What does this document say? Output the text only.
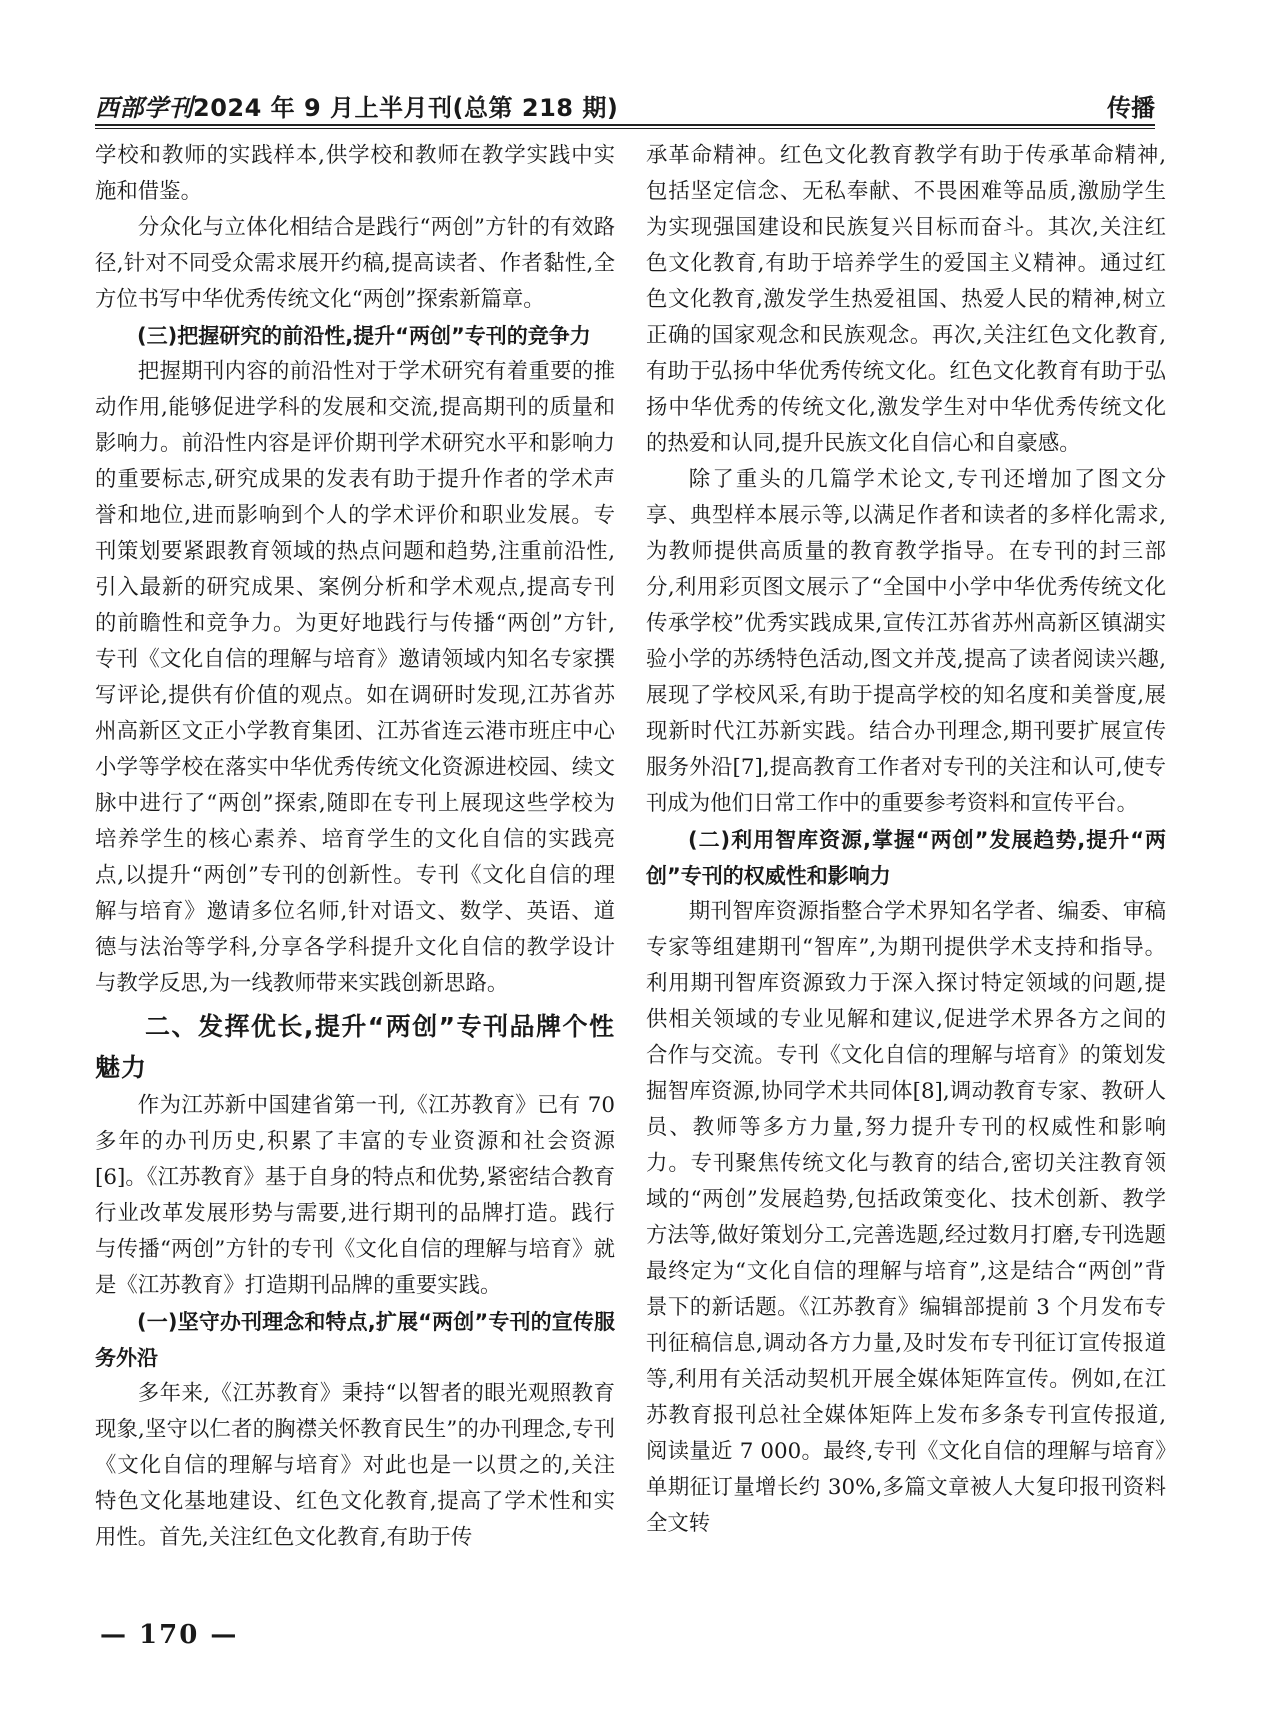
西部学刊2024 年 9 月上半月刊(总第 218 期)	传播

学校和教师的实践样本,供学校和教师在教学实践中实施和借鉴。

分众化与立体化相结合是践行“两创”方针的有效路径,针对不同受众需求展开约稿,提高读者、作者黏性,全方位书写中华优秀传统文化“两创”探索新篇章。

(三)把握研究的前沿性,提升“两创”专刊的竞争力

把握期刊内容的前沿性对于学术研究有着重要的推动作用,能够促进学科的发展和交流,提高期刊的质量和影响力。前沿性内容是评价期刊学术研究水平和影响力的重要标志,研究成果的发表有助于提升作者的学术声誉和地位,进而影响到个人的学术评价和职业发展。专刊策划要紧跟教育领域的热点问题和趋势,注重前沿性,引入最新的研究成果、案例分析和学术观点,提高专刊的前瞻性和竞争力。为更好地践行与传播“两创”方针,专刊《文化自信的理解与培育》邀请领域内知名专家撰写评论,提供有价值的观点。如在调研时发现,江苏省苏州高新区文正小学教育集团、江苏省连云港市班庄中心小学等学校在落实中华优秀传统文化资源进校园、续文脉中进行了“两创”探索,随即在专刊上展现这些学校为培养学生的核心素养、培育学生的文化自信的实践亮点,以提升“两创”专刊的创新性。专刊《文化自信的理解与培育》邀请多位名师,针对语文、数学、英语、道德与法治等学科,分享各学科提升文化自信的教学设计与教学反思,为一线教师带来实践创新思路。

二、发挥优长,提升“两创”专刊品牌个性魅力

作为江苏新中国建省第一刊,《江苏教育》已有 70 多年的办刊历史,积累了丰富的专业资源和社会资源[6]。《江苏教育》基于自身的特点和优势,紧密结合教育行业改革发展形势与需要,进行期刊的品牌打造。践行与传播“两创”方针的专刊《文化自信的理解与培育》就是《江苏教育》打造期刊品牌的重要实践。

(一)坚守办刊理念和特点,扩展“两创”专刊的宣传服务外沿

多年来,《江苏教育》秉持“以智者的眼光观照教育现象,坚守以仁者的胸襟关怀教育民生”的办刊理念,专刊《文化自信的理解与培育》对此也是一以贯之的,关注特色文化基地建设、红色文化教育,提高了学术性和实用性。首先,关注红色文化教育,有助于传

承革命精神。红色文化教育教学有助于传承革命精神,包括坚定信念、无私奉献、不畏困难等品质,激励学生为实现强国建设和民族复兴目标而奋斗。其次,关注红色文化教育,有助于培养学生的爱国主义精神。通过红色文化教育,激发学生热爱祖国、热爱人民的精神,树立正确的国家观念和民族观念。再次,关注红色文化教育,有助于弘扬中华优秀传统文化。红色文化教育有助于弘扬中华优秀的传统文化,激发学生对中华优秀传统文化的热爱和认同,提升民族文化自信心和自豪感。

除了重头的几篇学术论文,专刊还增加了图文分享、典型样本展示等,以满足作者和读者的多样化需求,为教师提供高质量的教育教学指导。在专刊的封三部分,利用彩页图文展示了“全国中小学中华优秀传统文化传承学校”优秀实践成果,宣传江苏省苏州高新区镇湖实验小学的苏绣特色活动,图文并茂,提高了读者阅读兴趣,展现了学校风采,有助于提高学校的知名度和美誉度,展现新时代江苏新实践。结合办刊理念,期刊要扩展宣传服务外沿[7],提高教育工作者对专刊的关注和认可,使专刊成为他们日常工作中的重要参考资料和宣传平台。

(二)利用智库资源,掌握“两创”发展趋势,提升“两创”专刊的权威性和影响力

期刊智库资源指整合学术界知名学者、编委、审稿专家等组建期刊“智库”,为期刊提供学术支持和指导。利用期刊智库资源致力于深入探讨特定领域的问题,提供相关领域的专业见解和建议,促进学术界各方之间的合作与交流。专刊《文化自信的理解与培育》的策划发掘智库资源,协同学术共同体[8],调动教育专家、教研人员、教师等多方力量,努力提升专刊的权威性和影响力。专刊聚焦传统文化与教育的结合,密切关注教育领域的“两创”发展趋势,包括政策变化、技术创新、教学方法等,做好策划分工,完善选题,经过数月打磨,专刊选题最终定为“文化自信的理解与培育”,这是结合“两创”背景下的新话题。《江苏教育》编辑部提前 3 个月发布专刊征稿信息,调动各方力量,及时发布专刊征订宣传报道等,利用有关活动契机开展全媒体矩阵宣传。例如,在江苏教育报刊总社全媒体矩阵上发布多条专刊宣传报道,阅读量近 7 000。最终,专刊《文化自信的理解与培育》单期征订量增长约 30%,多篇文章被人大复印报刊资料全文转

— 170 —
